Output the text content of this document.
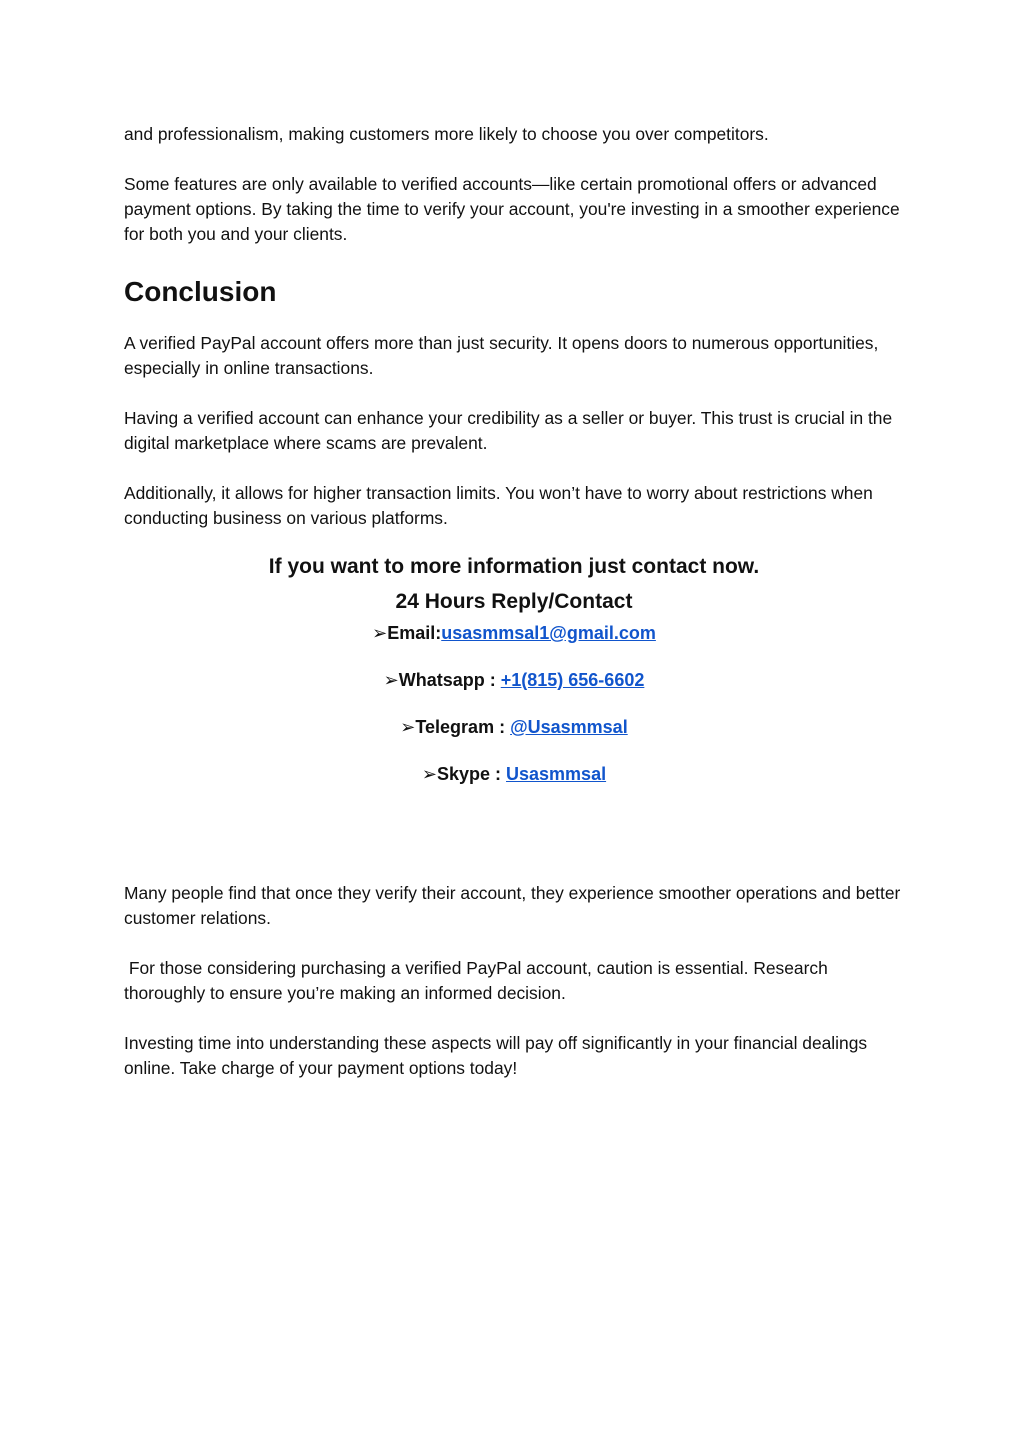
and professionalism, making customers more likely to choose you over competitors.

Some features are only available to verified accounts—like certain promotional offers or advanced payment options. By taking the time to verify your account, you're investing in a smoother experience for both you and your clients.

Conclusion

A verified PayPal account offers more than just security. It opens doors to numerous opportunities, especially in online transactions.

Having a verified account can enhance your credibility as a seller or buyer. This trust is crucial in the digital marketplace where scams are prevalent.

Additionally, it allows for higher transaction limits. You won’t have to worry about restrictions when conducting business on various platforms.

If you want to more information just contact now.

24 Hours Reply/Contact

➢Email:usasmmsal1@gmail.com

➢Whatsapp : +1(815) 656-6602

➢Telegram : @Usasmmsal

➢Skype : Usasmmsal

Many people find that once they verify their account, they experience smoother operations and better customer relations.

For those considering purchasing a verified PayPal account, caution is essential. Research thoroughly to ensure you’re making an informed decision.

Investing time into understanding these aspects will pay off significantly in your financial dealings online. Take charge of your payment options today!
